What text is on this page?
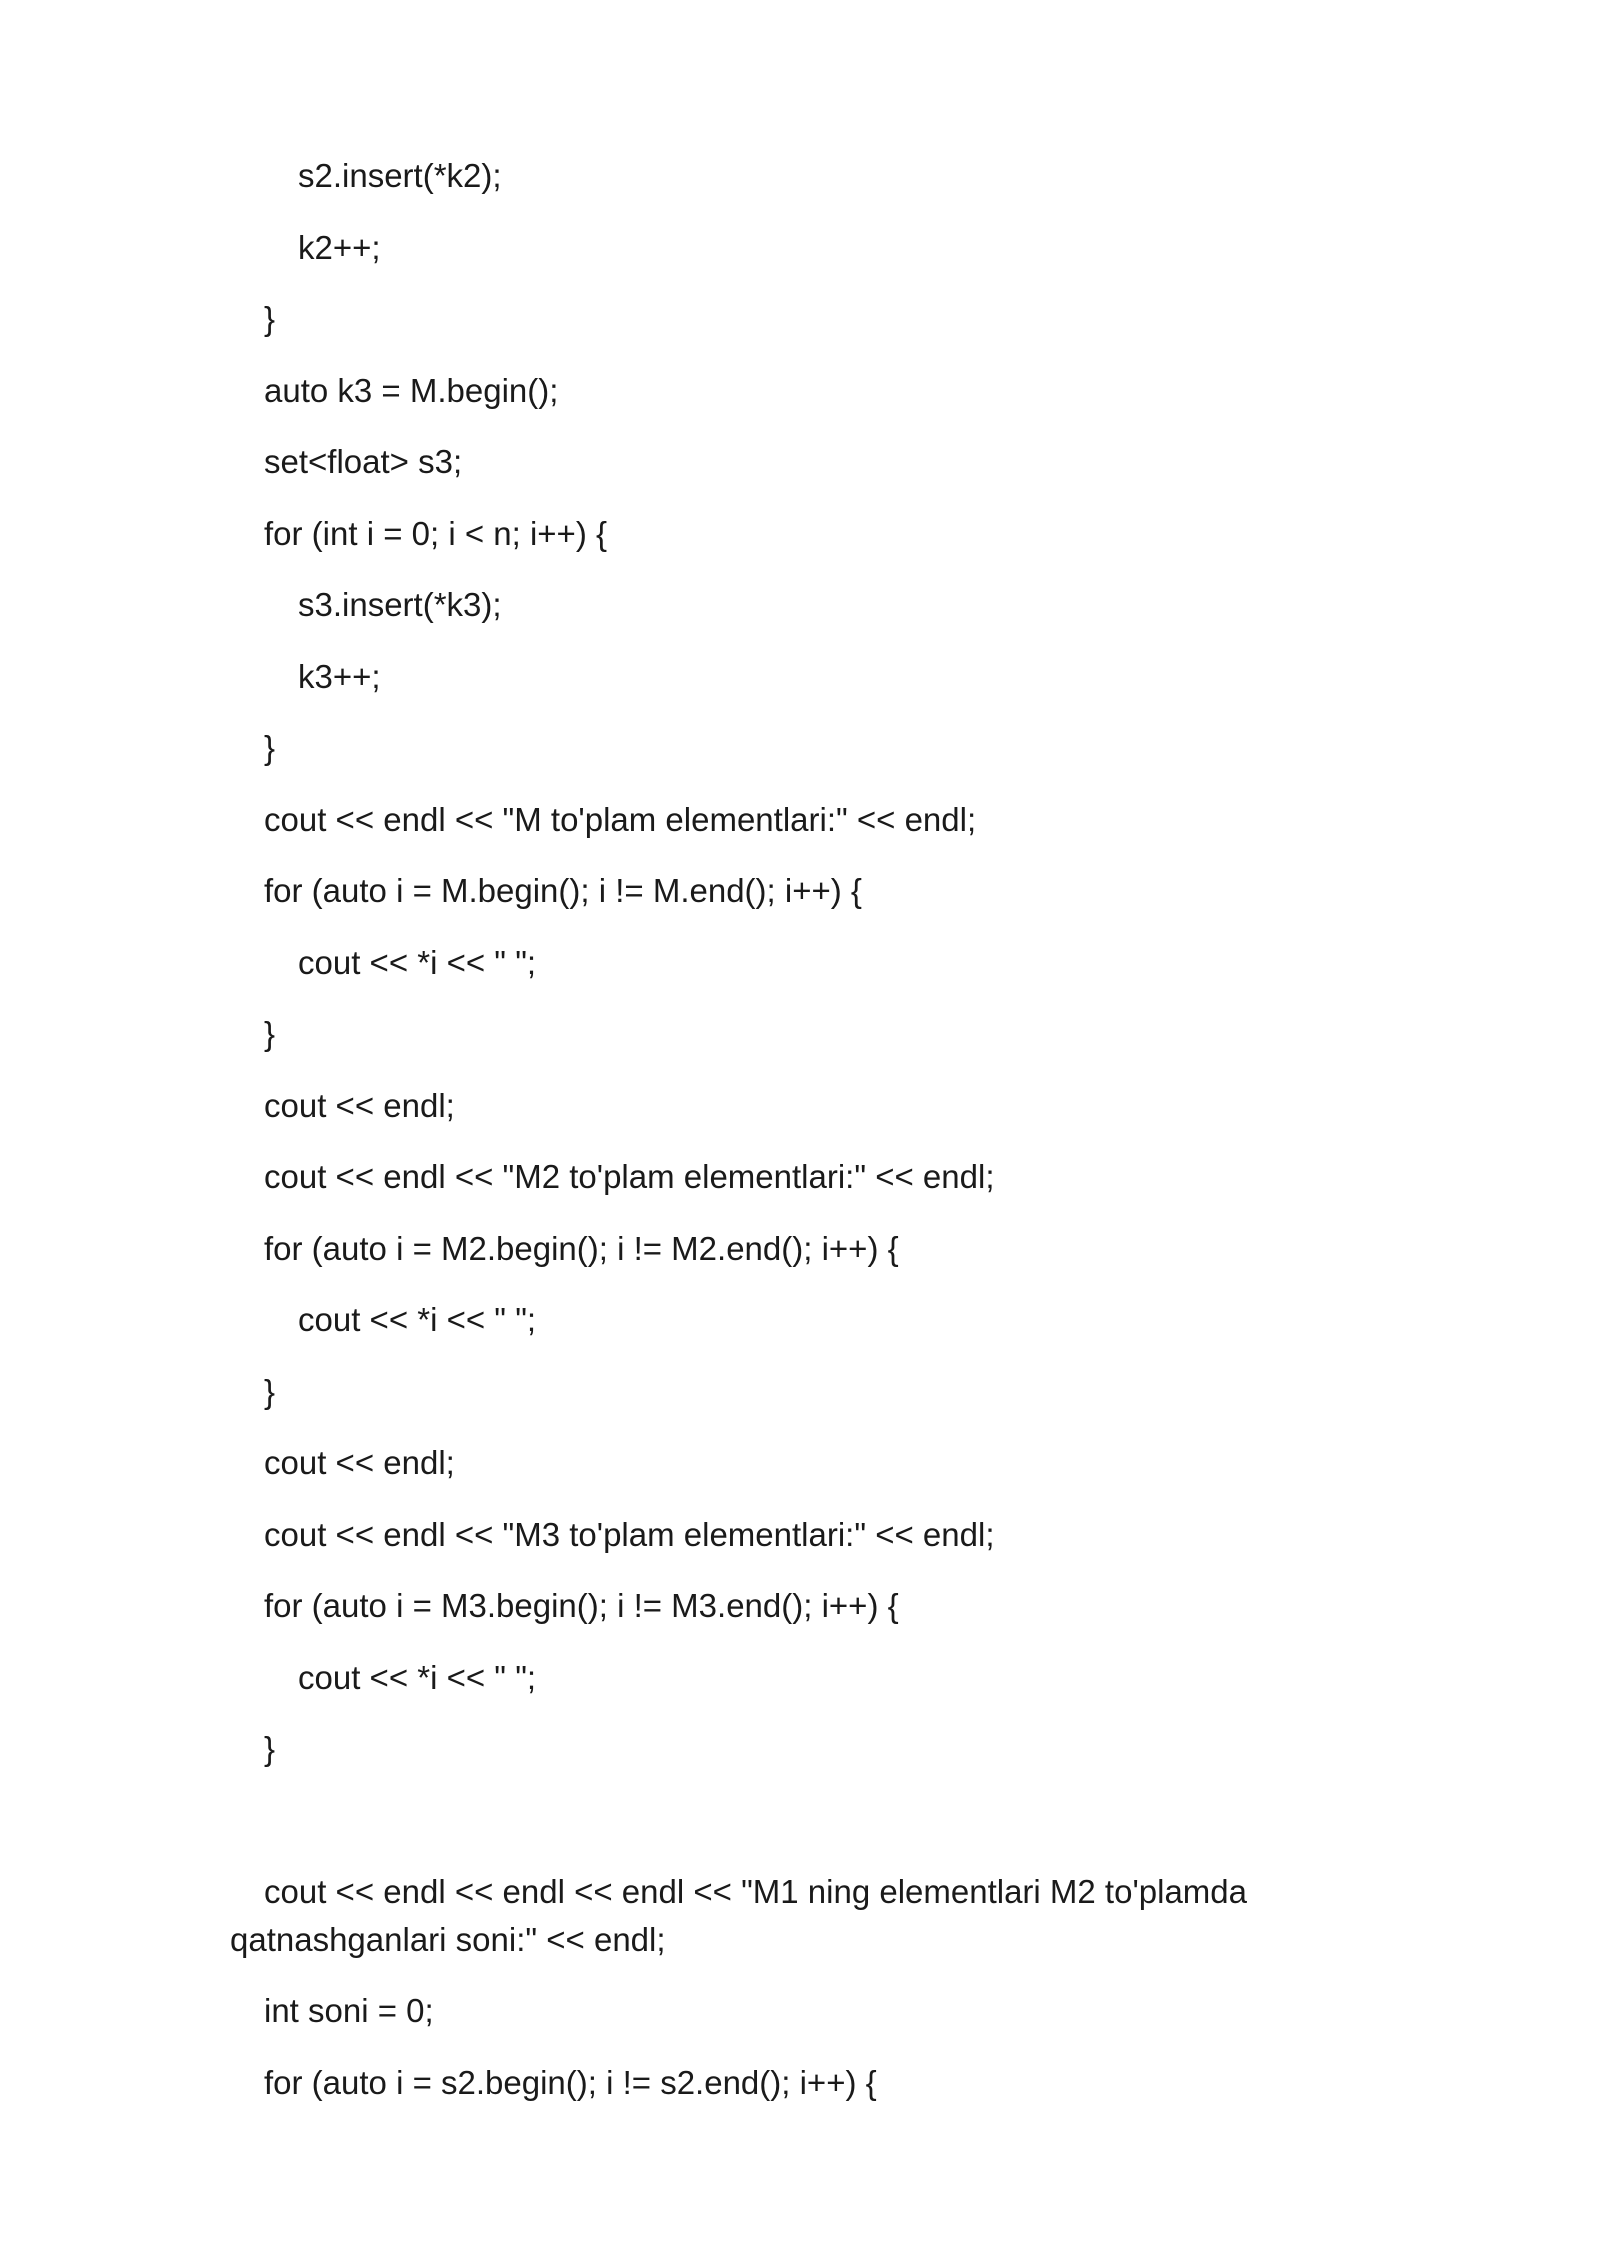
s2.insert(*k2);
k2++;
}
auto k3 = M.begin();
set<float> s3;
for (int i = 0; i < n; i++) {
s3.insert(*k3);
k3++;
}
cout << endl << "M to'plam elementlari:" << endl;
for (auto i = M.begin(); i != M.end(); i++) {
cout << *i << " ";
}
cout << endl;
cout << endl << "M2 to'plam elementlari:" << endl;
for (auto i = M2.begin(); i != M2.end(); i++) {
cout << *i << " ";
}
cout << endl;
cout << endl << "M3 to'plam elementlari:" << endl;
for (auto i = M3.begin(); i != M3.end(); i++) {
cout << *i << " ";
}
cout << endl << endl << endl << "M1 ning elementlari M2 to'plamda
qatnashganlari soni:" << endl;
int soni = 0;
for (auto i = s2.begin(); i != s2.end(); i++) {
